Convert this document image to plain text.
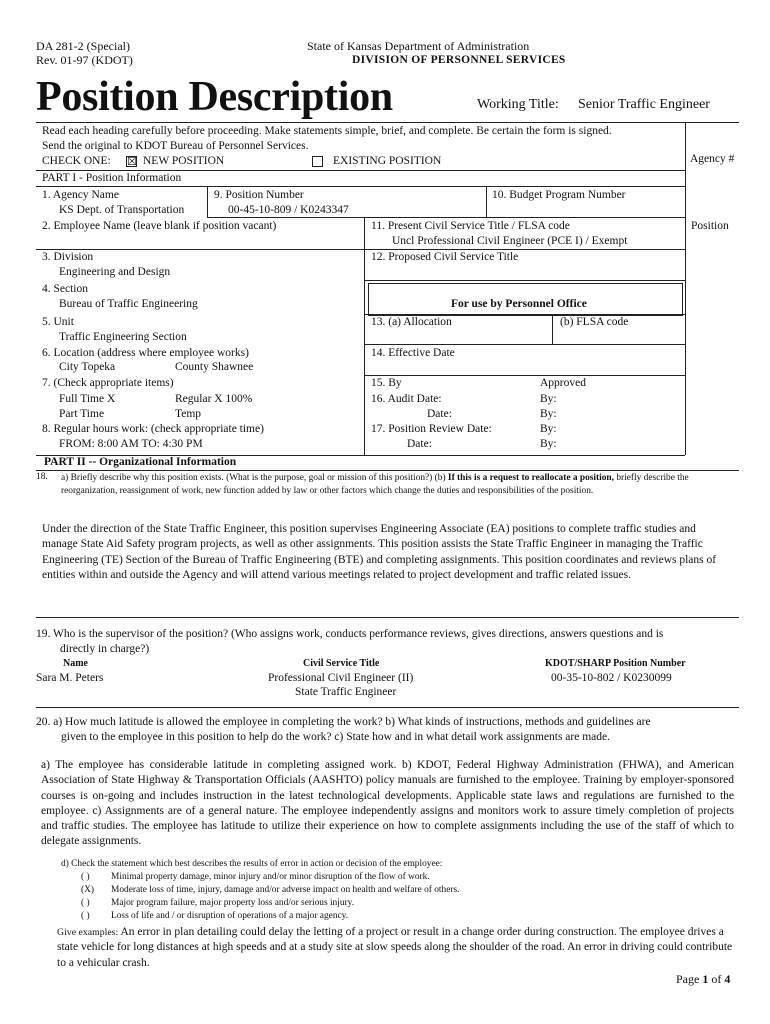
DA 281-2 (Special)
Rev. 01-97 (KDOT)
State of Kansas Department of Administration
DIVISION OF PERSONNEL SERVICES
Position Description	Working Title: Senior Traffic Engineer
Read each heading carefully before proceeding. Make statements simple, brief, and complete. Be certain the form is signed.
Send the original to KDOT Bureau of Personnel Services.
CHECK ONE: ☒ NEW POSITION	EXISTING POSITION	Agency #
Position
PART I - Position Information
1. Agency Name
KS Dept. of Transportation
9. Position Number
00-45-10-809 / K0243347
10. Budget Program Number
2. Employee Name (leave blank if position vacant)	11. Present Civil Service Title / FLSA code
Uncl Professional Civil Engineer (PCE I) / Exempt
3. Division
Engineering and Design
12. Proposed Civil Service Title
4. Section
Bureau of Traffic Engineering	For use by Personnel Office
5. Unit
Traffic Engineering Section
13. (a) Allocation	(b) FLSA code
6. Location (address where employee works)
City Topeka	County Shawnee
14. Effective Date
7. (Check appropriate items)
Full Time X	Regular X 100%
Part Time	Temp
15. By	Approved
16. Audit Date:	By:
Date:	By:
8. Regular hours work: (check appropriate time)
FROM: 8:00 AM TO: 4:30 PM
17. Position Review Date:	By:
Date:	By:
PART II -- Organizational Information
18. a) Briefly describe why this position exists. (What is the purpose, goal or mission of this position?) (b) If this is a request to reallocate a position, briefly describe the reorganization, reassignment of work, new function added by law or other factors which change the duties and responsibilities of the position.
Under the direction of the State Traffic Engineer, this position supervises Engineering Associate (EA) positions to complete traffic studies and manage State Aid Safety program projects, as well as other assignments. This position assists the State Traffic Engineer in managing the Traffic Engineering (TE) Section of the Bureau of Traffic Engineering (BTE) and completing assignments. This position coordinates and reviews plans of entities within and outside the Agency and will attend various meetings related to project development and traffic related issues.
19. Who is the supervisor of the position? (Who assigns work, conducts performance reviews, gives directions, answers questions and is
directly in charge?)
Name	Civil Service Title	KDOT/SHARP Position Number
Sara M. Peters	Professional Civil Engineer (II)
State Traffic Engineer
00-35-10-802 / K0230099
20. a) How much latitude is allowed the employee in completing the work? b) What kinds of instructions, methods and guidelines are
given to the employee in this position to help do the work? c) State how and in what detail work assignments are made.
a) The employee has considerable latitude in completing assigned work. b) KDOT, Federal Highway Administration (FHWA), and American Association of State Highway & Transportation Officials (AASHTO) policy manuals are furnished to the employee. Training by employer-sponsored courses is on-going and includes instruction in the latest technological developments. Applicable state laws and regulations are furnished to the employee. c) Assignments are of a general nature. The employee independently assigns and monitors work to assure timely completion of projects and traffic studies. The employee has latitude to utilize their experience on how to complete assignments including the use of the staff of which to delegate assignments.
d) Check the statement which best describes the results of error in action or decision of the employee:
( ) Minimal property damage, minor injury and/or minor disruption of the flow of work.
(X) Moderate loss of time, injury, damage and/or adverse impact on health and welfare of others.
( ) Major program failure, major property loss and/or serious injury.
( ) Loss of life and / or disruption of operations of a major agency.
Give examples: An error in plan detailing could delay the letting of a project or result in a change order during construction. The employee drives a state vehicle for long distances at high speeds and at a study site at slow speeds along the shoulder of the road. An error in driving could contribute to a vehicular crash.
Page 1 of 4
